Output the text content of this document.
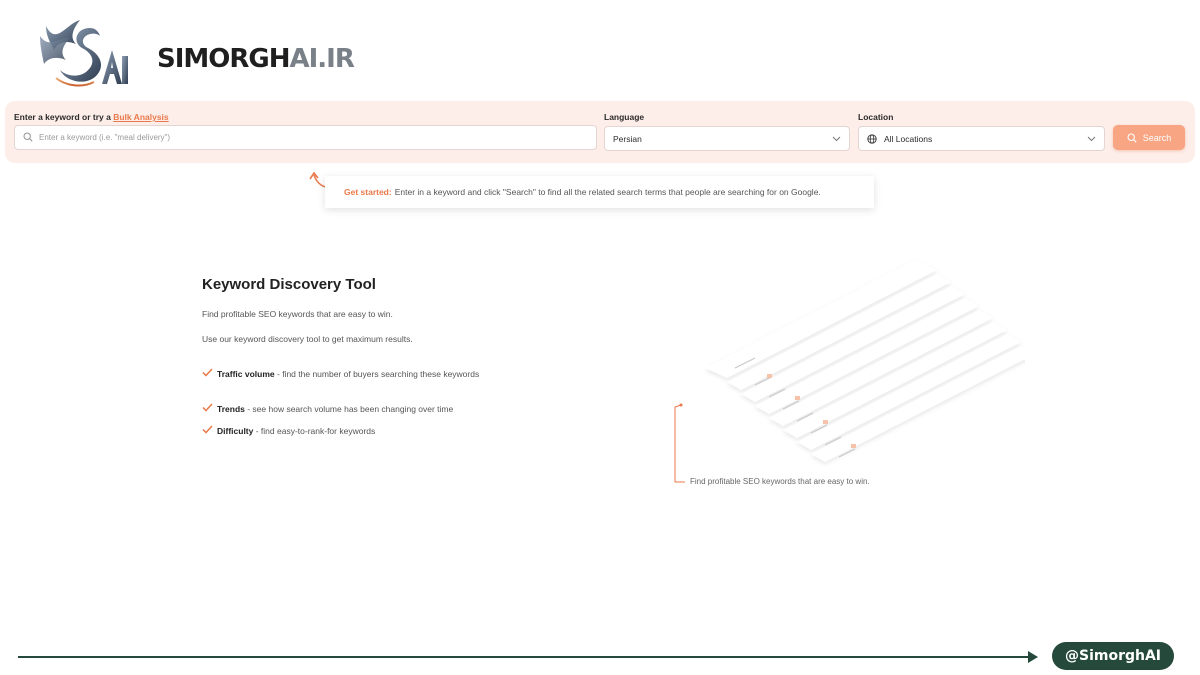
SIMORGHAI.IR
Enter a keyword or try a Bulk Analysis
Enter a keyword (i.e. "meal delivery")
Language
Persian
Location
All Locations	Search
Get started: Enter in a keyword and click "Search" to find all the related search terms that people are searching for on Google.
Keyword Discovery Tool
Find profitable SEO keywords that are easy to win.
Use our keyword discovery tool to get maximum results.
Traffic volume - find the number of buyers searching these keywords
Trends - see how search volume has been changing over time
Difficulty - find easy-to-rank-for keywords
Find profitable SEO keywords that are easy to win.
@SimorghAI
